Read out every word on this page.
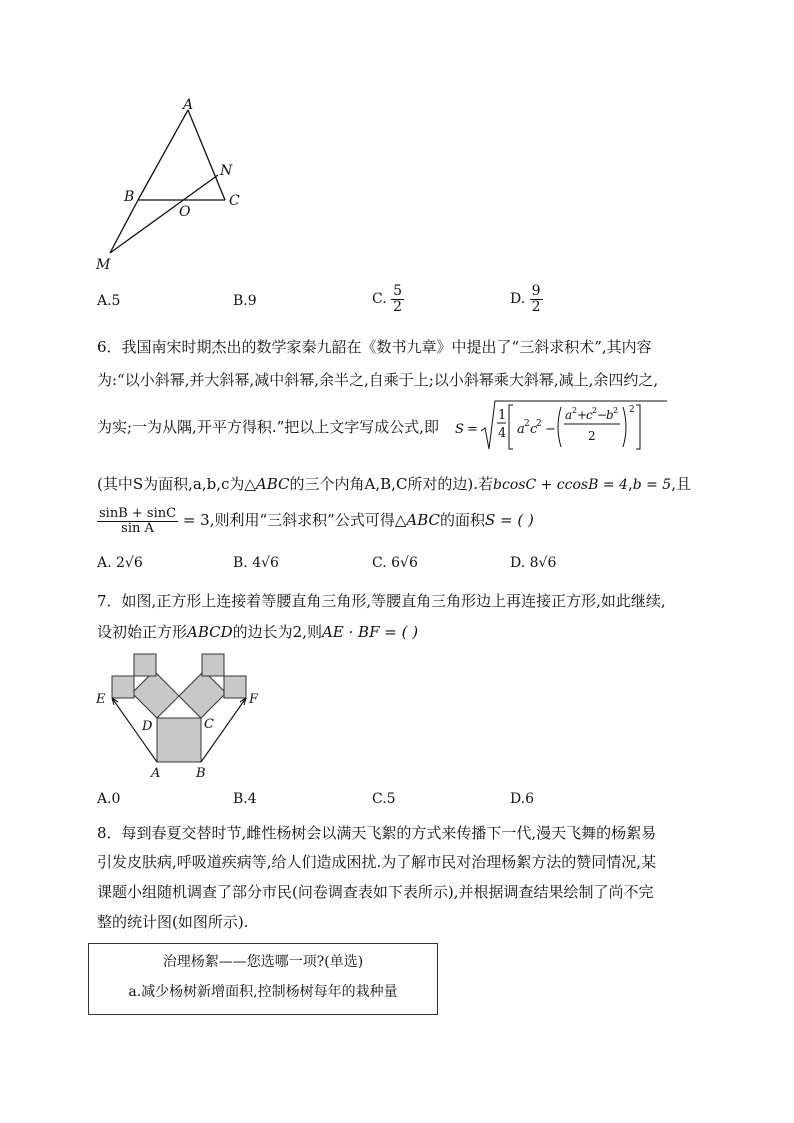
A
N
B
O
C
M
A.5	B.9	C. $\frac{5}{2}$	D. $\frac{9}{2}$
6．我国南宋时期杰出的数学家秦九韶在《数书九章》中提出了“三斜求积术”,其内容
为:“以小斜幂,并大斜幂,减中斜幂,余半之,自乘于上;以小斜幂乘大斜幂,减上,余四约之,
为实;一为从隅,开平方得积.”把以上文字写成公式,即 S =
1
4 a 2 c
2 −
a 2 +
c 2 −
b 2
2
2
(其中S为面积,a,b,c为△ABC的三个内角A,B,C所对的边).若bcosC + ccosB = 4,b = 5,且
$\frac{\sin B + \sin C}{\text{sin A}} = 3$,则利用“三斜求积”公式可得△ABC的面积S = ( )
A. 2√6	B. 4√6	C. 6√6	D. 8√6
7．如图,正方形上连接着等腰直角三角形,等腰直角三角形边上再连接正方形,如此继续,
设初始正方形ABCD的边长为2,则AE · BF = ( )
E	F
D	C
A	B
A.0	B.4	C.5	D.6
8．每到春夏交替时节,雌性杨树会以满天飞絮的方式来传播下一代,漫天飞舞的杨絮易
引发皮肤病,呼吸道疾病等,给人们造成困扰.为了解市民对治理杨絮方法的赞同情况,某
课题小组随机调查了部分市民(问卷调查表如下表所示),并根据调查结果绘制了尚不完
整的统计图(如图所示).
治理杨絮——您选哪一项?(单选)
a.减少杨树新增面积,控制杨树每年的栽种量
